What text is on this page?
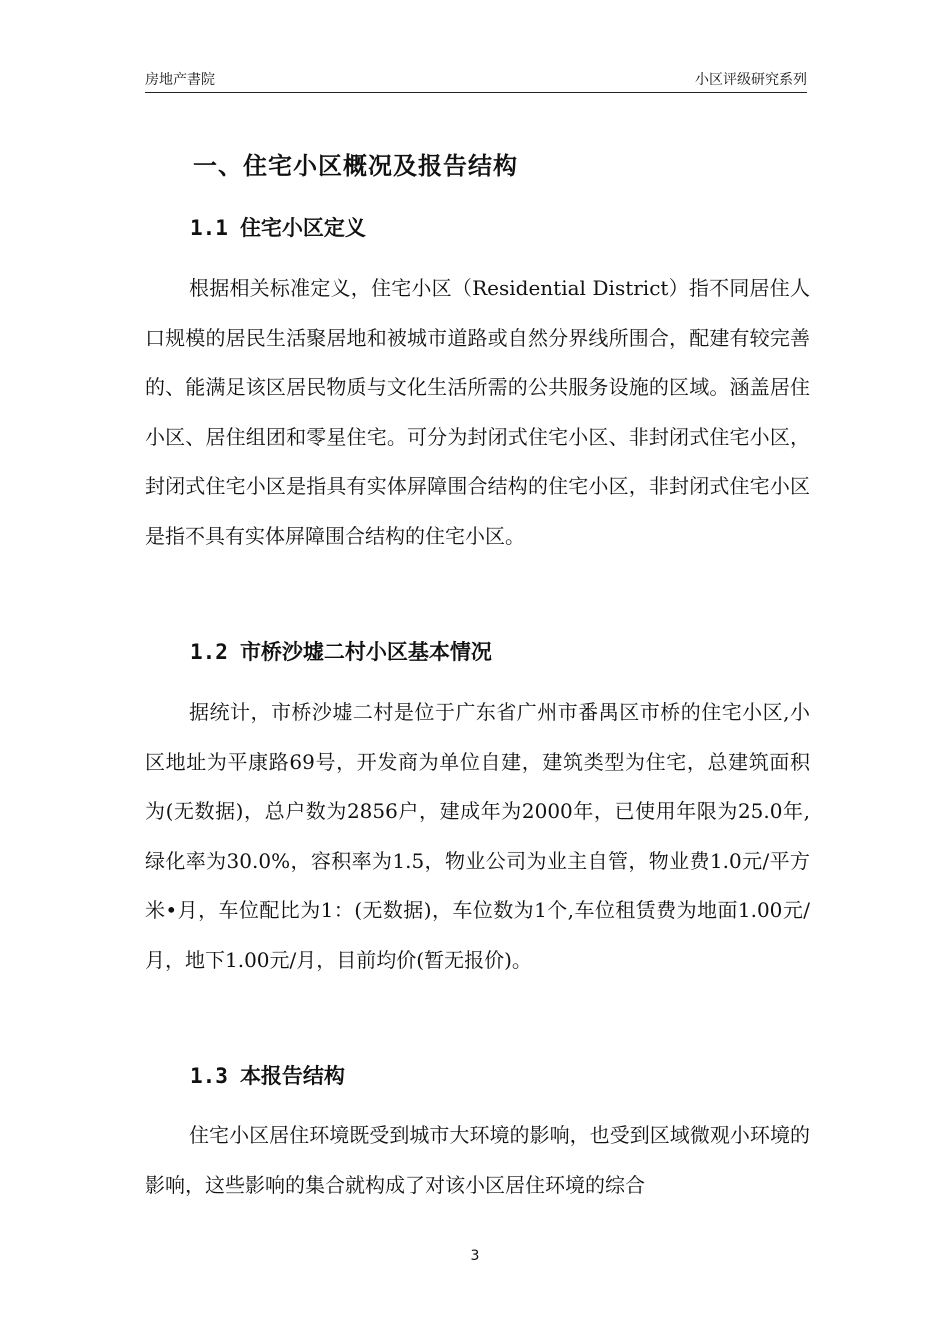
房地产書院	小区评级研究系列
一、住宅小区概况及报告结构
1.1 住宅小区定义

根据相关标准定义，住宅小区（Residential District）指不同居住人口规模的居民生活聚居地和被城市道路或自然分界线所围合，配建有较完善的、能满足该区居民物质与文化生活所需的公共服务设施的区域。涵盖居住小区、居住组团和零星住宅。可分为封闭式住宅小区、非封闭式住宅小区，封闭式住宅小区是指具有实体屏障围合结构的住宅小区，非封闭式住宅小区是指不具有实体屏障围合结构的住宅小区。

1.2 市桥沙墟二村小区基本情况

据统计，市桥沙墟二村是位于广东省广州市番禺区市桥的住宅小区,小区地址为平康路69号，开发商为单位自建，建筑类型为住宅，总建筑面积为(无数据)，总户数为2856户，建成年为2000年，已使用年限为25.0年,绿化率为30.0%，容积率为1.5，物业公司为业主自管，物业费1.0元/平方米•月，车位配比为1：(无数据)，车位数为1个,车位租赁费为地面1.00元/月，地下1.00元/月，目前均价(暂无报价)。

1.3 本报告结构

住宅小区居住环境既受到城市大环境的影响，也受到区域微观小环境的影响，这些影响的集合就构成了对该小区居住环境的综合

3
